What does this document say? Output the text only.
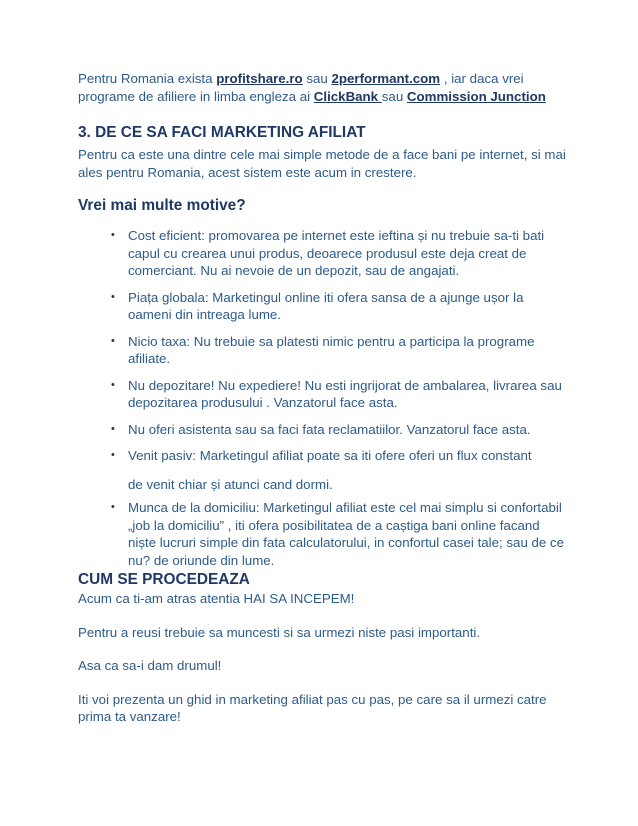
Pentru Romania exista profitshare.ro sau 2performant.com , iar daca vrei programe de afiliere in limba engleza ai ClickBank sau Commission Junction

3. DE CE SA FACI MARKETING AFILIAT

Pentru ca este una dintre cele mai simple metode de a face bani pe internet, si mai ales pentru Romania, acest sistem este acum in crestere.

Vrei mai multe motive?
• Cost eficient: promovarea pe internet este ieftina și nu trebuie sa-ti bati capul cu crearea unui produs, deoarece produsul este deja creat de comerciant. Nu ai nevoie de un depozit, sau de angajati.
• Piața globala: Marketingul online iti ofera sansa de a ajunge ușor la oameni din intreaga lume.
• Nicio taxa: Nu trebuie sa platesti nimic pentru a participa la programe afiliate.
• Nu depozitare! Nu expediere! Nu esti ingrijorat de ambalarea, livrarea sau depozitarea produsului . Vanzatorul face asta.
• Nu oferi asistenta sau sa faci fata reclamatiilor. Vanzatorul face asta.
• Venit pasiv: Marketingul afiliat poate sa iti ofere oferi un flux constant
de venit chiar și atunci cand dormi.
• Munca de la domiciliu: Marketingul afiliat este cel mai simplu si confortabil „job la domiciliu” , iti ofera posibilitatea de a caștiga bani online facand niște lucruri simple din fata calculatorului, in confortul casei tale; sau de ce nu? de oriunde din lume.
CUM SE PROCEDEAZA

Acum ca ti-am atras atentia HAI SA INCEPEM!

Pentru a reusi trebuie sa muncesti si sa urmezi niste pasi importanti.

Asa ca sa-i dam drumul!

Iti voi prezenta un ghid in marketing afiliat pas cu pas, pe care sa il urmezi catre prima ta vanzare!
